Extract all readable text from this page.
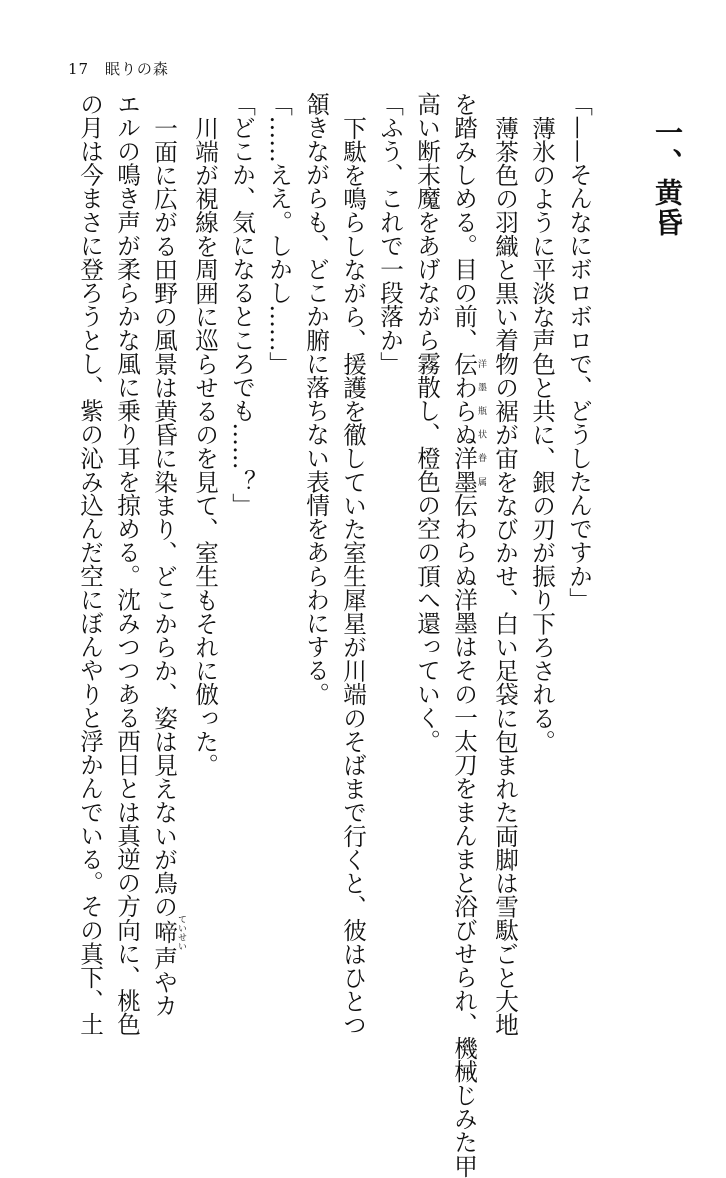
17 眠りの森
一、黄昏
「——そんなにボロボロで、どうしたんですか」
薄氷のように平淡な声色と共に、銀の刃が振り下ろされる。
薄茶色の羽織と黒い着物の裾が宙をなびかせ、白い足袋に包まれた両脚は雪駄ごと大地
を踏みしめる。目の前、伝わらぬ洋墨洋墨瓶状眷属伝わらぬ洋墨はその一太刀をまんまと浴びせられ、機械じみた甲
高い断末魔をあげながら霧散し、橙色の空の頂へ還っていく。
「ふう、これで一段落か」
下駄を鳴らしながら、援護を徹していた室生犀星が川端のそばまで行くと、彼はひとつ
頷きながらも、どこか腑に落ちない表情をあらわにする。
「……ええ。しかし……」
「どこか、気になるところでも……？」
川端が視線を周囲に巡らせるのを見て、室生もそれに倣った。
一面に広がる田野の風景は黄昏に染まり、どこからか、姿は見えないが鳥の啼ていせい声やカ
エルの鳴き声が柔らかな風に乗り耳を掠める。沈みつつある西日とは真逆の方向に、桃色
の月は今まさに登ろうとし、紫の沁み込んだ空にぼんやりと浮かんでいる。その真下、土
